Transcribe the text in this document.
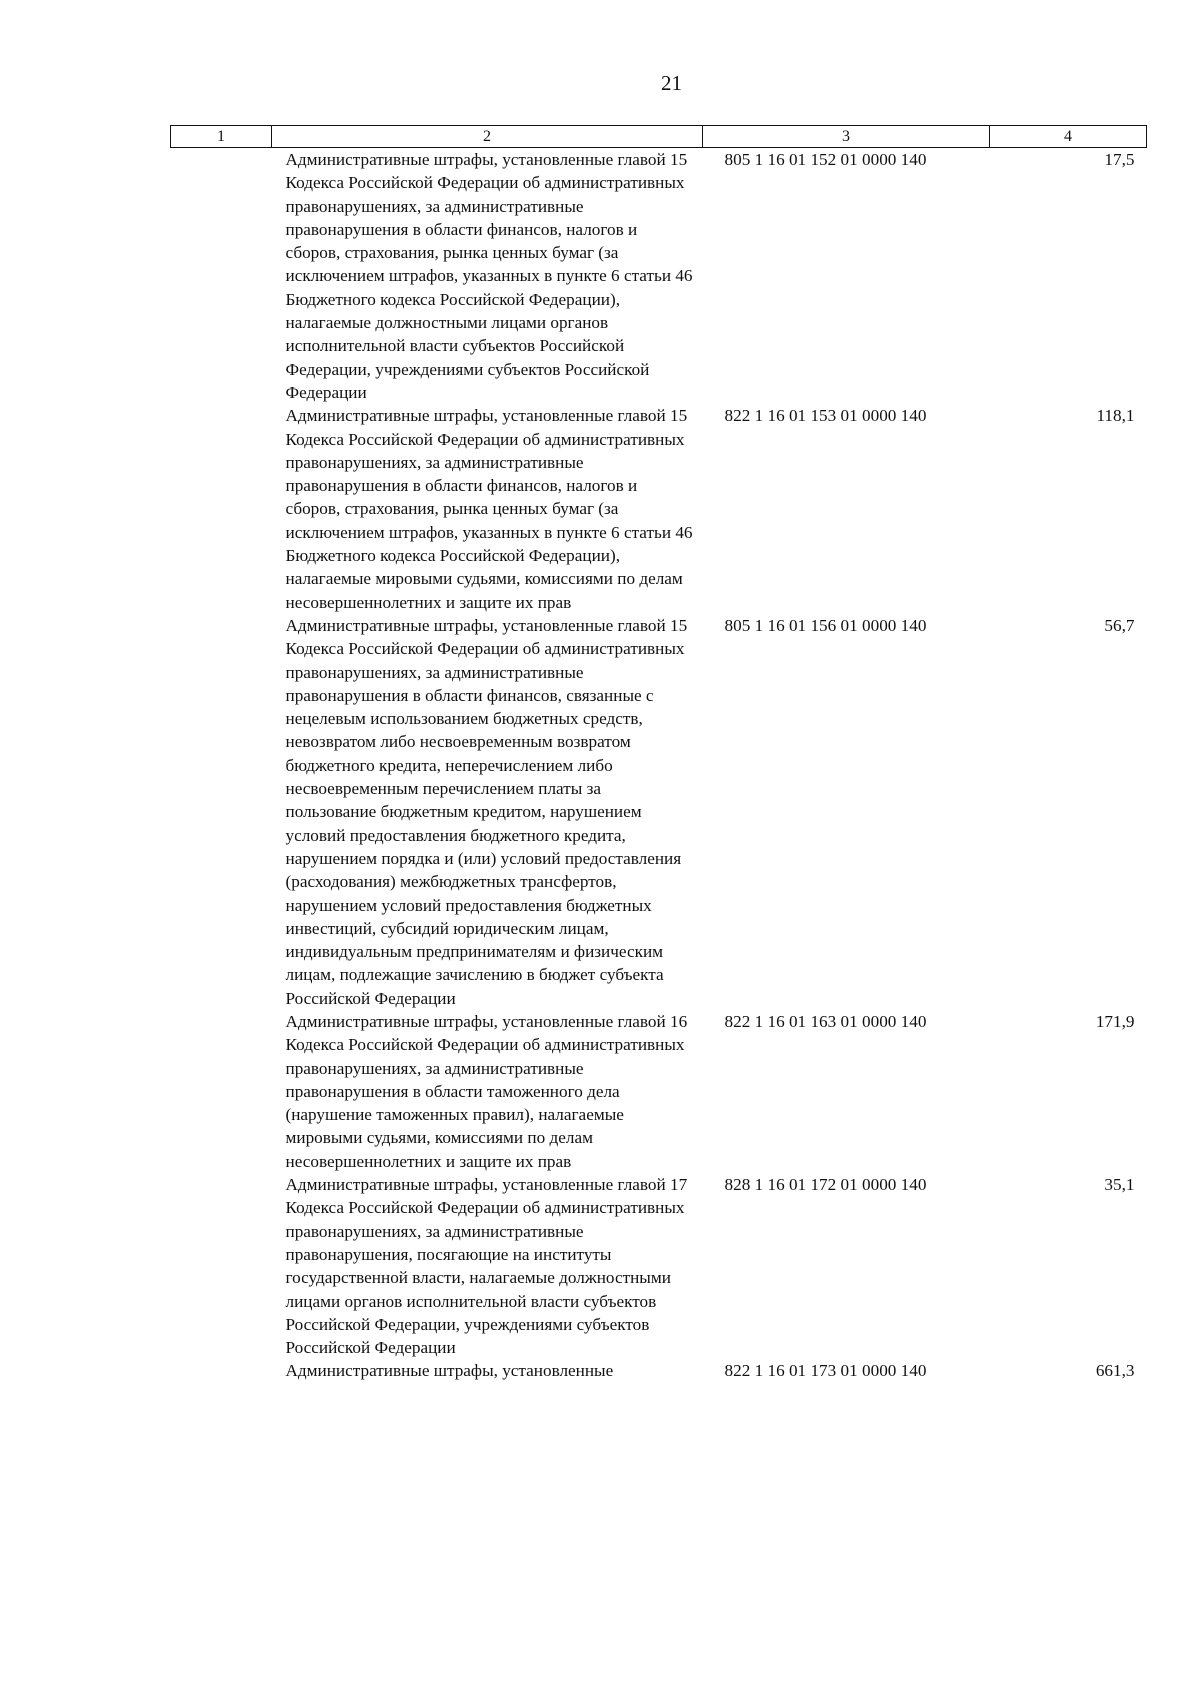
21
1	2	3	4
	Административные штрафы, установленные главой 15 Кодекса Российской Федерации об административных правонарушениях, за административные правонарушения в области финансов, налогов и сборов, страхования, рынка ценных бумаг (за исключением штрафов, указанных в пункте 6 статьи 46 Бюджетного кодекса Российской Федерации), налагаемые должностными лицами органов исполнительной власти субъектов Российской Федерации, учреждениями субъектов Российской Федерации	805 1 16 01 152 01 0000 140	17,5
	Административные штрафы, установленные главой 15 Кодекса Российской Федерации об административных правонарушениях, за административные правонарушения в области финансов, налогов и сборов, страхования, рынка ценных бумаг (за исключением штрафов, указанных в пункте 6 статьи 46 Бюджетного кодекса Российской Федерации), налагаемые мировыми судьями, комиссиями по делам несовершеннолетних и защите их прав	822 1 16 01 153 01 0000 140	118,1
	Административные штрафы, установленные главой 15 Кодекса Российской Федерации об административных правонарушениях, за административные правонарушения в области финансов, связанные с нецелевым использованием бюджетных средств, невозвратом либо несвоевременным возвратом бюджетного кредита, неперечислением либо несвоевременным перечислением платы за пользование бюджетным кредитом, нарушением условий предоставления бюджетного кредита, нарушением порядка и (или) условий предоставления (расходования) межбюджетных трансфертов, нарушением условий предоставления бюджетных инвестиций, субсидий юридическим лицам, индивидуальным предпринимателям и физическим лицам, подлежащие зачислению в бюджет субъекта Российской Федерации	805 1 16 01 156 01 0000 140	56,7
	Административные штрафы, установленные главой 16 Кодекса Российской Федерации об административных правонарушениях, за административные правонарушения в области таможенного дела (нарушение таможенных правил), налагаемые мировыми судьями, комиссиями по делам несовершеннолетних и защите их прав	822 1 16 01 163 01 0000 140	171,9
	Административные штрафы, установленные главой 17 Кодекса Российской Федерации об административных правонарушениях, за административные правонарушения, посягающие на институты государственной власти, налагаемые должностными лицами органов исполнительной власти субъектов Российской Федерации, учреждениями субъектов Российской Федерации	828 1 16 01 172 01 0000 140	35,1
	Административные штрафы, установленные	822 1 16 01 173 01 0000 140	661,3
